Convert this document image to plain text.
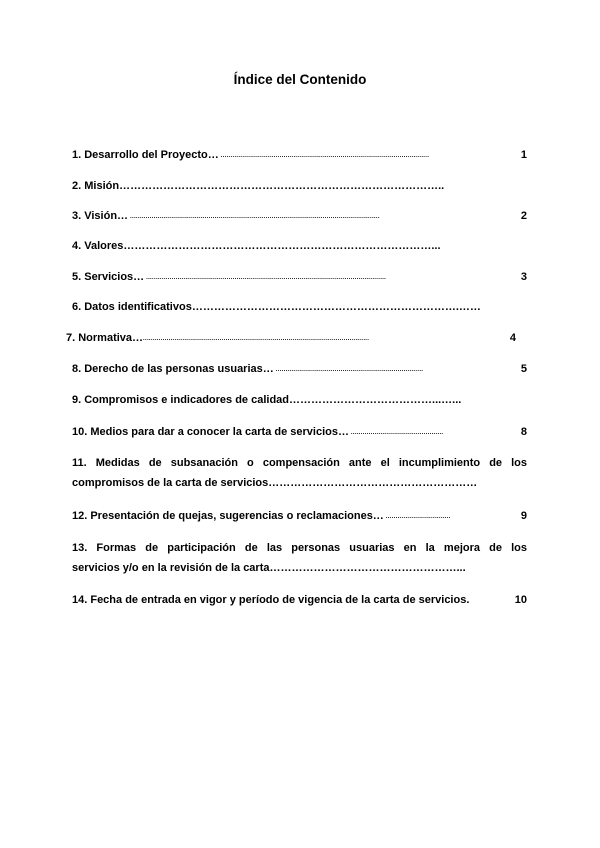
Índice del Contenido
1. Desarrollo del Proyecto… ..........................................................................................................	1
2. Misión……………………………………………………………………………..
3. Visión… ...............................................................................................................................	2
4. Valores…………………………………………………………………………...
5. Servicios… ..........................................................................................................................	3
6. Datos identificativos……………………………………………………………….……
7. Normativa…...................................................................................................................	4
8. Derecho de las personas usuarias… ...........................................................................	5
9. Compromisos e indicadores de calidad…………………………………...…...
10. Medios para dar a conocer la carta de servicios… ...............................................	8
11. Medidas de subsanación o compensación ante el incumplimiento de los
compromisos de la carta de servicios…………………………………………………
12. Presentación de quejas, sugerencias o reclamaciones… .................................	9
13. Formas de participación de las personas usuarias en la mejora de los
servicios y/o en la revisión de la carta……………………………………………...
14. Fecha de entrada en vigor y período de vigencia de la carta de servicios.	10
